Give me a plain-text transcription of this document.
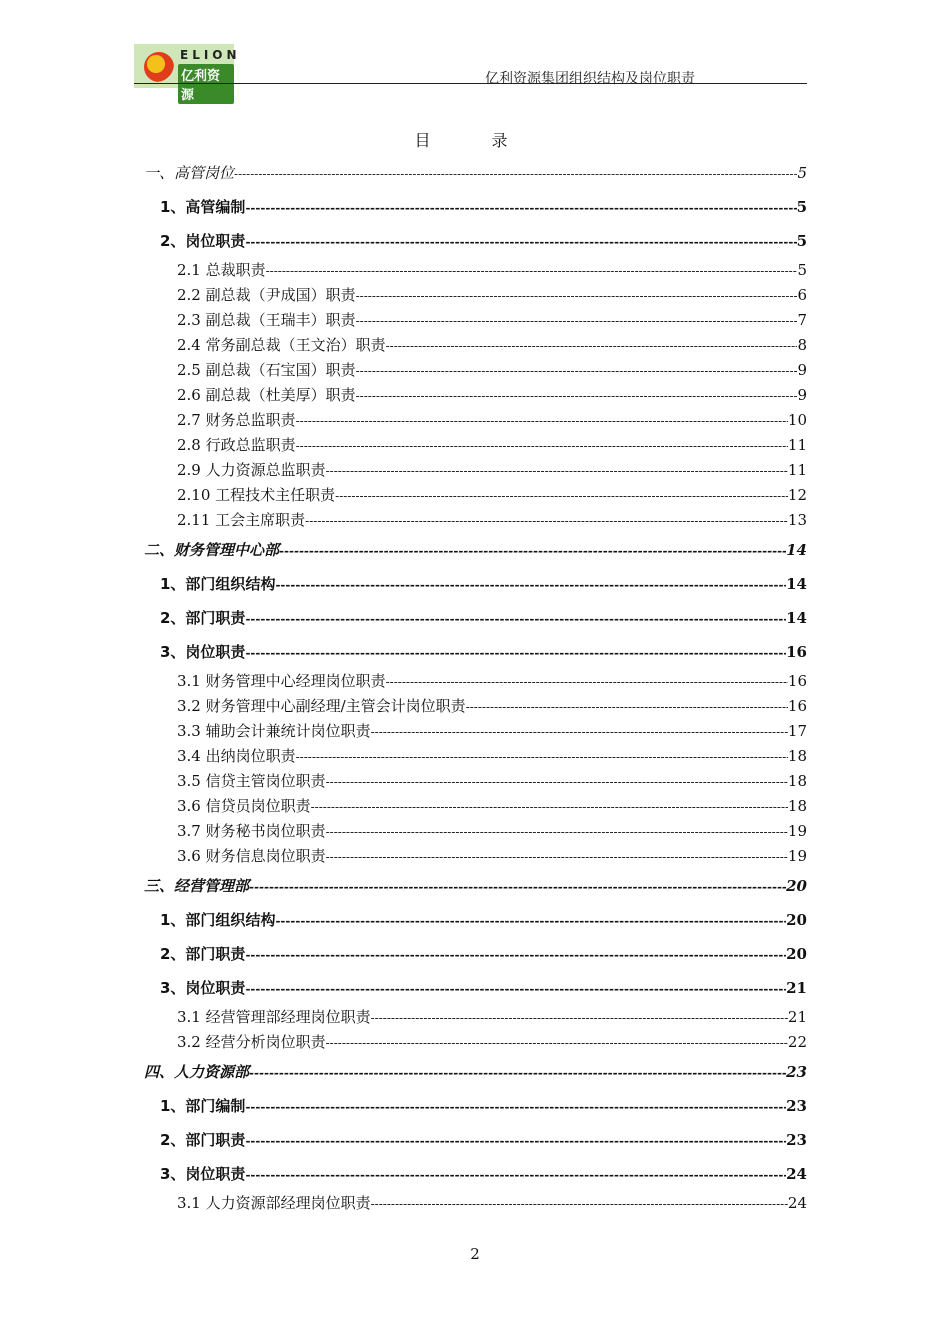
ELION
亿利资源
亿利资源集团组织结构及岗位职责
目 录
一、高管岗位 -----	5
1、高管编制 -----	5
2、岗位职责 -----	5
2.1 总裁职责 -----	5
2.2 副总裁（尹成国）职责 -----	6
2.3 副总裁（王瑞丰）职责 -----	7
2.4 常务副总裁（王文治）职责 -----	8
2.5 副总裁（石宝国）职责 -----	9
2.6 副总裁（杜美厚）职责 -----	9
2.7 财务总监职责 -----	10
2.8 行政总监职责 -----	11
2.9 人力资源总监职责 -----	11
2.10 工程技术主任职责 -----	12
2.11 工会主席职责 -----	13
二、财务管理中心部 -----	14
1、部门组织结构 -----	14
2、部门职责 -----	14
3、岗位职责 -----	16
3.1 财务管理中心经理岗位职责 -----	16
3.2 财务管理中心副经理/主管会计岗位职责 -----	16
3.3 辅助会计兼统计岗位职责 -----	17
3.4 出纳岗位职责 -----	18
3.5 信贷主管岗位职责 -----	18
3.6 信贷员岗位职责 -----	18
3.7 财务秘书岗位职责 -----	19
3.6 财务信息岗位职责 -----	19
三、经营管理部 -----	20
1、部门组织结构 -----	20
2、部门职责 -----	20
3、岗位职责 -----	21
3.1 经营管理部经理岗位职责 -----	21
3.2 经营分析岗位职责 -----	22
四、人力资源部 -----	23
1、部门编制 -----	23
2、部门职责 -----	23
3、岗位职责 -----	24
3.1 人力资源部经理岗位职责 -----	24
2
